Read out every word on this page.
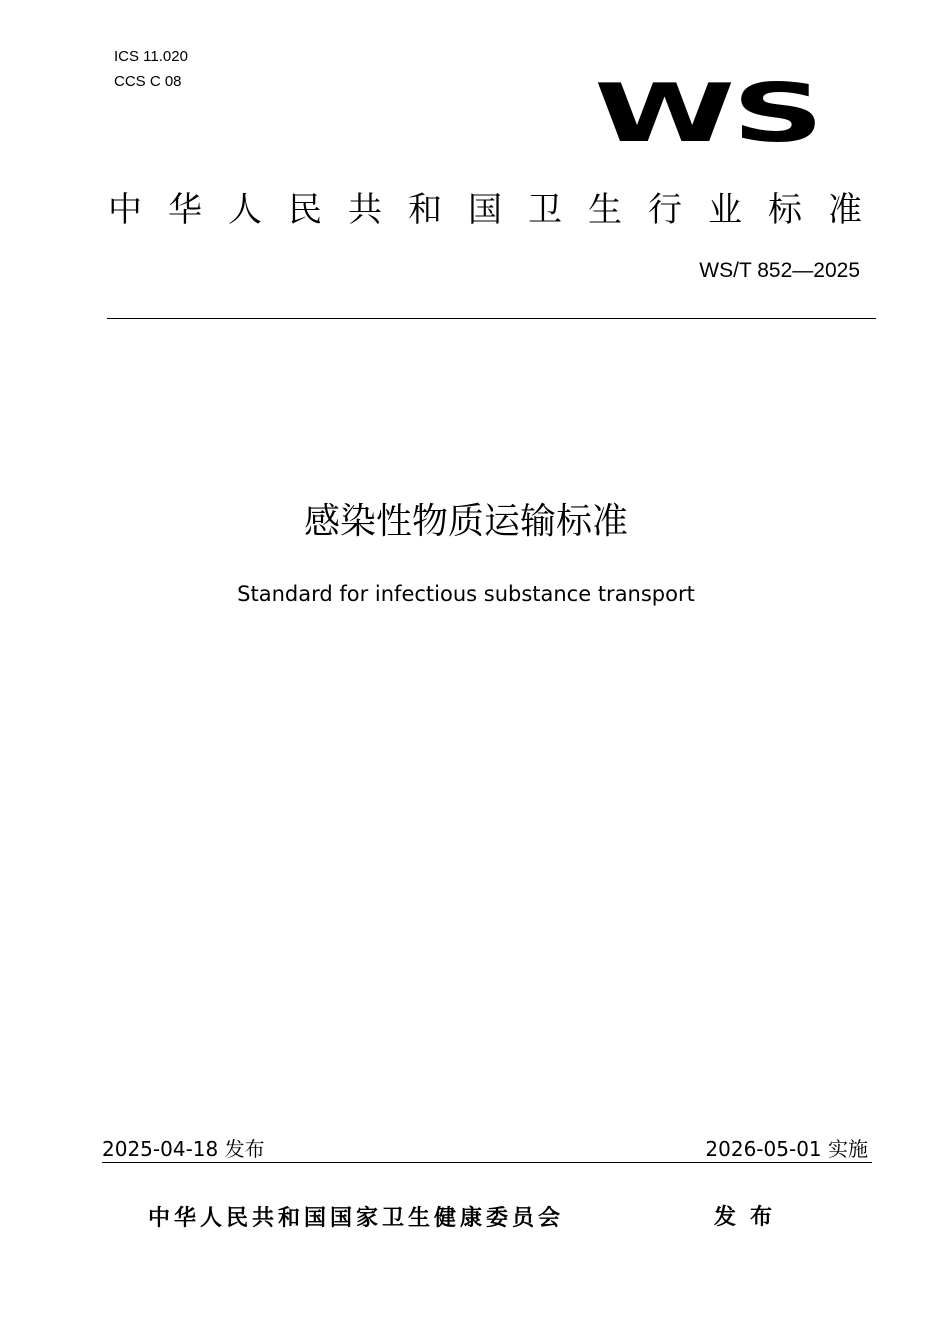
ICS 11.020
CCS C 08	WS
中华人民共和国卫生行业标准
WS/T 852—2025
感染性物质运输标准
Standard for infectious substance transport
2025-04-18 发布	2026-05-01 实施
中华人民共和国国家卫生健康委员会	发布
